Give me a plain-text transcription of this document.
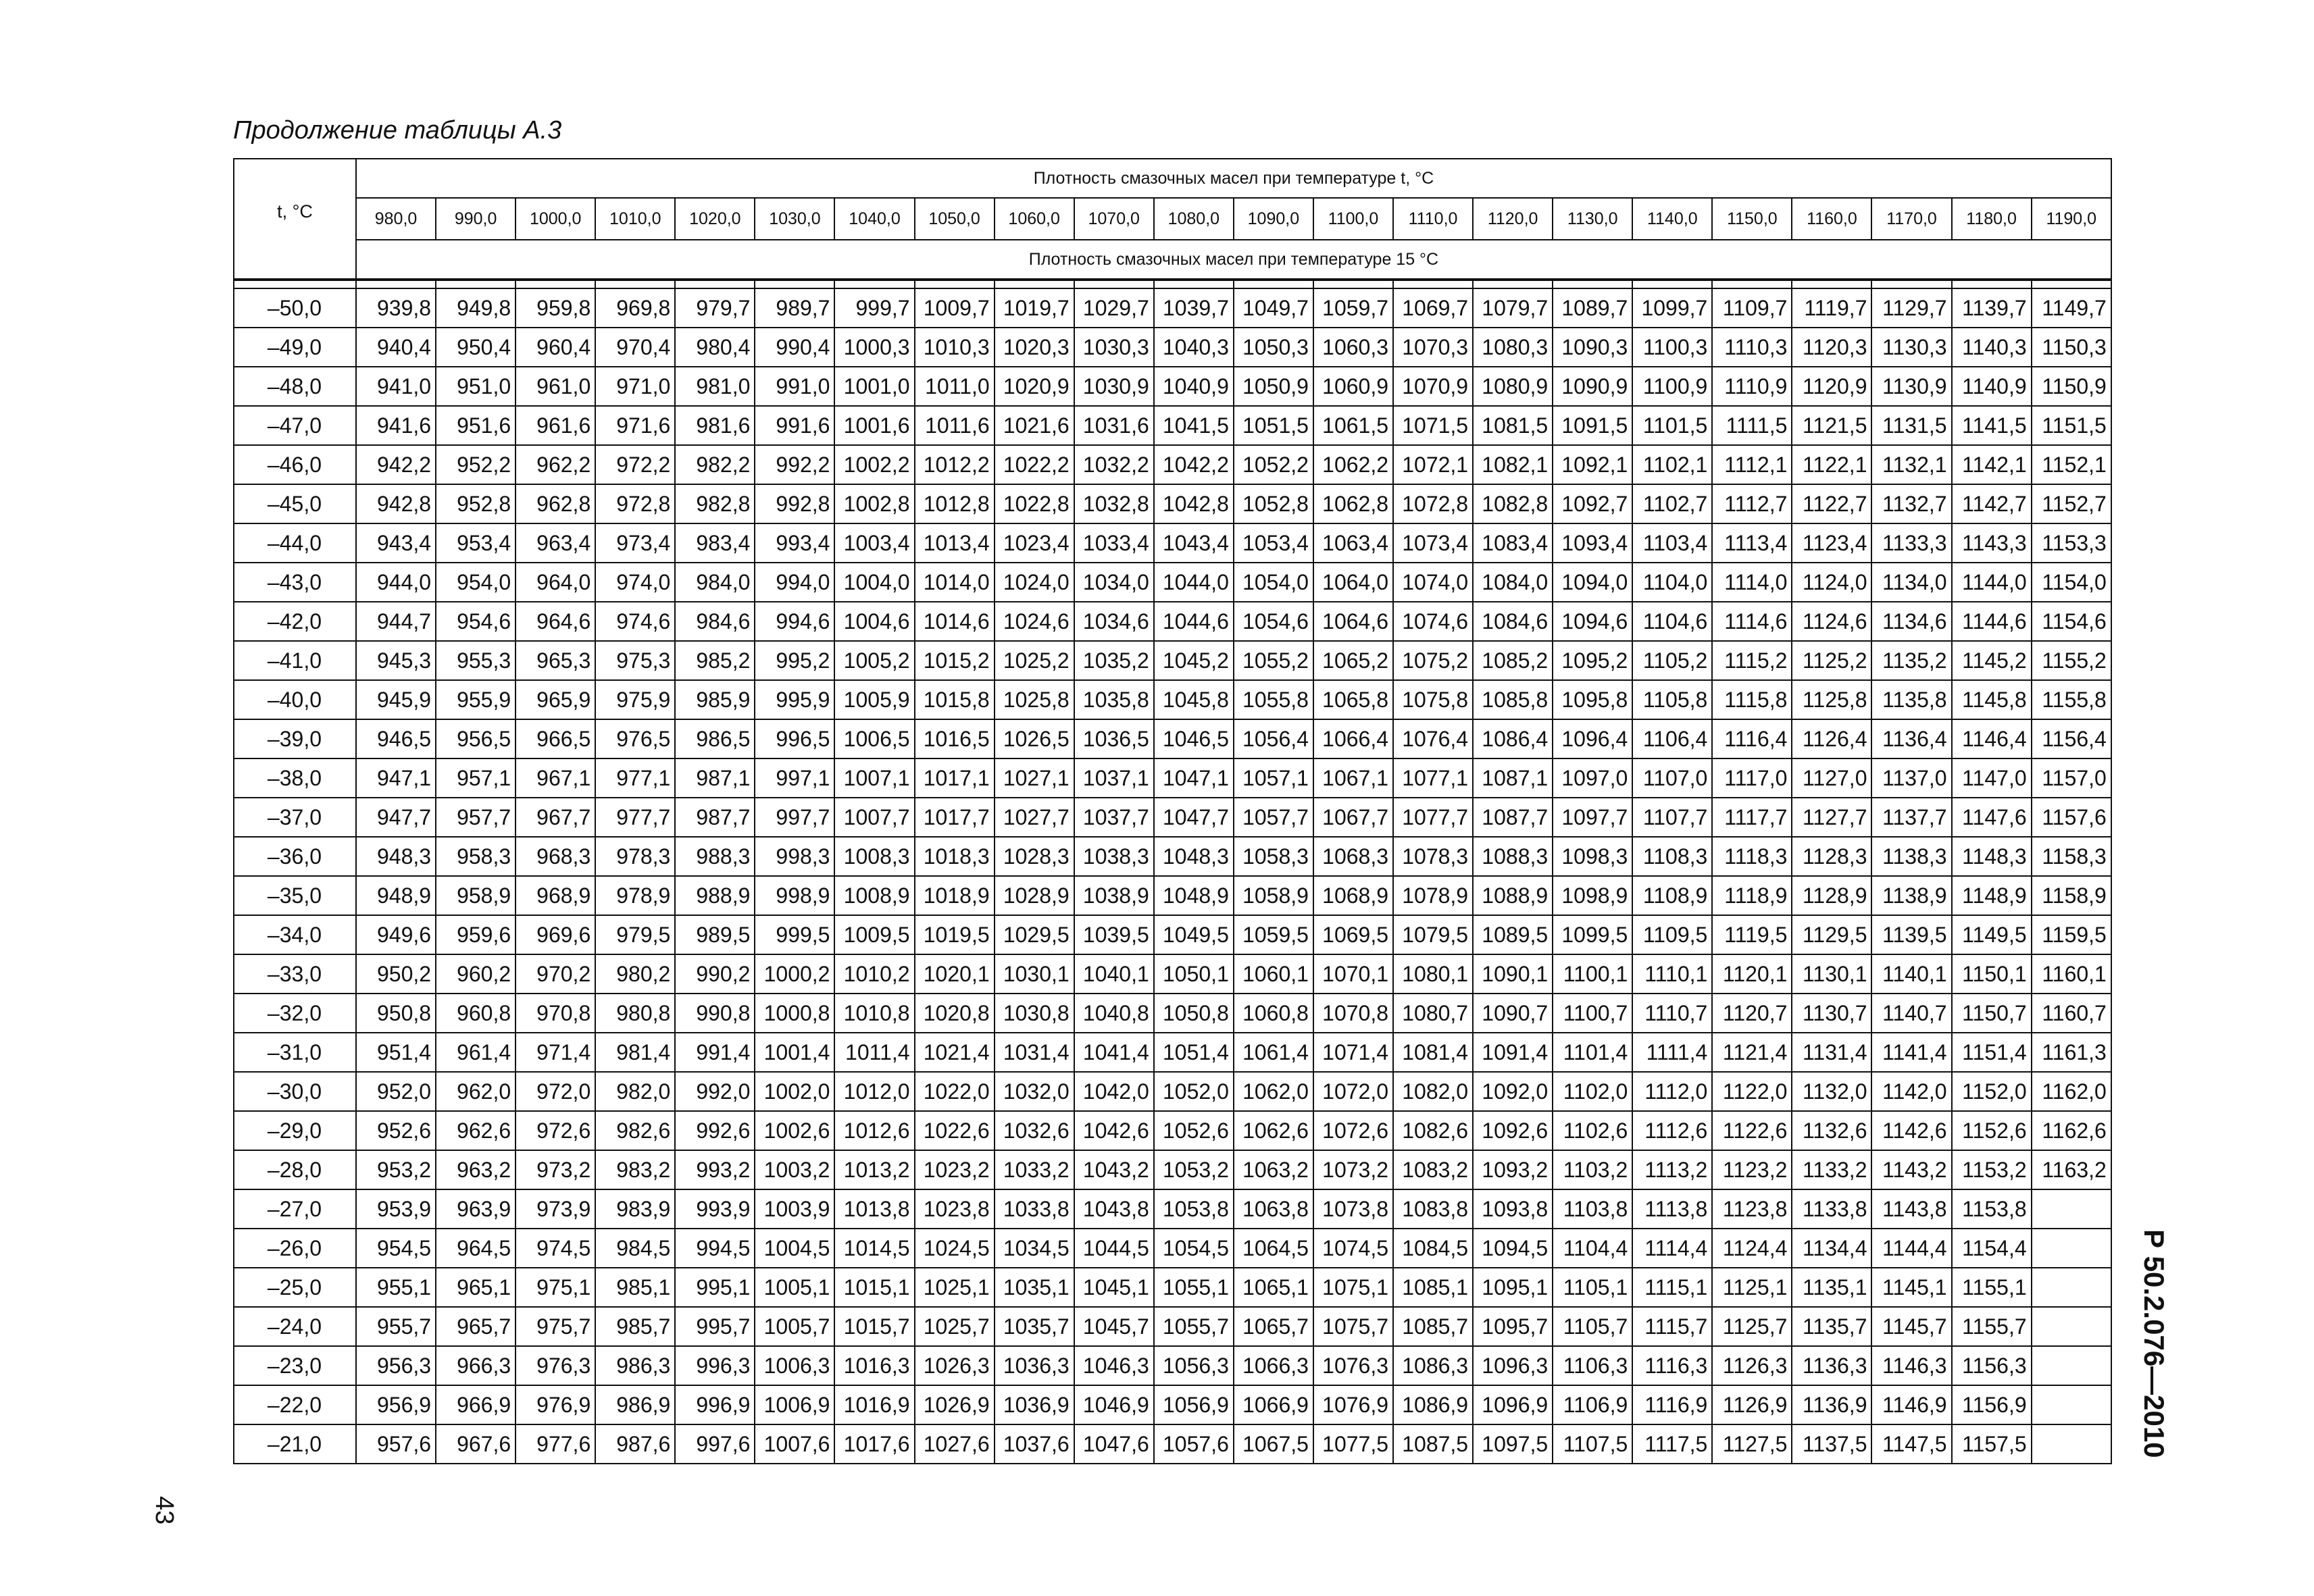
Продолжение таблицы А.3
t, °C	Плотность смазочных масел при температуре t, °C																					
	980,0	990,0	1000,0	1010,0	1020,0	1030,0	1040,0	1050,0	1060,0	1070,0	1080,0	1090,0	1100,0	1110,0	1120,0	1130,0	1140,0	1150,0	1160,0	1170,0	1180,0	1190,0
	Плотность смазочных масел при температуре 15 °C																					

–50,0	939,8	949,8	959,8	969,8	979,7	989,7	999,7	1009,7	1019,7	1029,7	1039,7	1049,7	1059,7	1069,7	1079,7	1089,7	1099,7	1109,7	1119,7	1129,7	1139,7	1149,7
–49,0	940,4	950,4	960,4	970,4	980,4	990,4	1000,3	1010,3	1020,3	1030,3	1040,3	1050,3	1060,3	1070,3	1080,3	1090,3	1100,3	1110,3	1120,3	1130,3	1140,3	1150,3
–48,0	941,0	951,0	961,0	971,0	981,0	991,0	1001,0	1011,0	1020,9	1030,9	1040,9	1050,9	1060,9	1070,9	1080,9	1090,9	1100,9	1110,9	1120,9	1130,9	1140,9	1150,9
–47,0	941,6	951,6	961,6	971,6	981,6	991,6	1001,6	1011,6	1021,6	1031,6	1041,5	1051,5	1061,5	1071,5	1081,5	1091,5	1101,5	1111,5	1121,5	1131,5	1141,5	1151,5
–46,0	942,2	952,2	962,2	972,2	982,2	992,2	1002,2	1012,2	1022,2	1032,2	1042,2	1052,2	1062,2	1072,1	1082,1	1092,1	1102,1	1112,1	1122,1	1132,1	1142,1	1152,1
–45,0	942,8	952,8	962,8	972,8	982,8	992,8	1002,8	1012,8	1022,8	1032,8	1042,8	1052,8	1062,8	1072,8	1082,8	1092,7	1102,7	1112,7	1122,7	1132,7	1142,7	1152,7
–44,0	943,4	953,4	963,4	973,4	983,4	993,4	1003,4	1013,4	1023,4	1033,4	1043,4	1053,4	1063,4	1073,4	1083,4	1093,4	1103,4	1113,4	1123,4	1133,3	1143,3	1153,3
–43,0	944,0	954,0	964,0	974,0	984,0	994,0	1004,0	1014,0	1024,0	1034,0	1044,0	1054,0	1064,0	1074,0	1084,0	1094,0	1104,0	1114,0	1124,0	1134,0	1144,0	1154,0
–42,0	944,7	954,6	964,6	974,6	984,6	994,6	1004,6	1014,6	1024,6	1034,6	1044,6	1054,6	1064,6	1074,6	1084,6	1094,6	1104,6	1114,6	1124,6	1134,6	1144,6	1154,6
–41,0	945,3	955,3	965,3	975,3	985,2	995,2	1005,2	1015,2	1025,2	1035,2	1045,2	1055,2	1065,2	1075,2	1085,2	1095,2	1105,2	1115,2	1125,2	1135,2	1145,2	1155,2
–40,0	945,9	955,9	965,9	975,9	985,9	995,9	1005,9	1015,8	1025,8	1035,8	1045,8	1055,8	1065,8	1075,8	1085,8	1095,8	1105,8	1115,8	1125,8	1135,8	1145,8	1155,8
–39,0	946,5	956,5	966,5	976,5	986,5	996,5	1006,5	1016,5	1026,5	1036,5	1046,5	1056,4	1066,4	1076,4	1086,4	1096,4	1106,4	1116,4	1126,4	1136,4	1146,4	1156,4
–38,0	947,1	957,1	967,1	977,1	987,1	997,1	1007,1	1017,1	1027,1	1037,1	1047,1	1057,1	1067,1	1077,1	1087,1	1097,0	1107,0	1117,0	1127,0	1137,0	1147,0	1157,0
–37,0	947,7	957,7	967,7	977,7	987,7	997,7	1007,7	1017,7	1027,7	1037,7	1047,7	1057,7	1067,7	1077,7	1087,7	1097,7	1107,7	1117,7	1127,7	1137,7	1147,6	1157,6
–36,0	948,3	958,3	968,3	978,3	988,3	998,3	1008,3	1018,3	1028,3	1038,3	1048,3	1058,3	1068,3	1078,3	1088,3	1098,3	1108,3	1118,3	1128,3	1138,3	1148,3	1158,3
–35,0	948,9	958,9	968,9	978,9	988,9	998,9	1008,9	1018,9	1028,9	1038,9	1048,9	1058,9	1068,9	1078,9	1088,9	1098,9	1108,9	1118,9	1128,9	1138,9	1148,9	1158,9
–34,0	949,6	959,6	969,6	979,5	989,5	999,5	1009,5	1019,5	1029,5	1039,5	1049,5	1059,5	1069,5	1079,5	1089,5	1099,5	1109,5	1119,5	1129,5	1139,5	1149,5	1159,5
–33,0	950,2	960,2	970,2	980,2	990,2	1000,2	1010,2	1020,1	1030,1	1040,1	1050,1	1060,1	1070,1	1080,1	1090,1	1100,1	1110,1	1120,1	1130,1	1140,1	1150,1	1160,1
–32,0	950,8	960,8	970,8	980,8	990,8	1000,8	1010,8	1020,8	1030,8	1040,8	1050,8	1060,8	1070,8	1080,7	1090,7	1100,7	1110,7	1120,7	1130,7	1140,7	1150,7	1160,7
–31,0	951,4	961,4	971,4	981,4	991,4	1001,4	1011,4	1021,4	1031,4	1041,4	1051,4	1061,4	1071,4	1081,4	1091,4	1101,4	1111,4	1121,4	1131,4	1141,4	1151,4	1161,3
–30,0	952,0	962,0	972,0	982,0	992,0	1002,0	1012,0	1022,0	1032,0	1042,0	1052,0	1062,0	1072,0	1082,0	1092,0	1102,0	1112,0	1122,0	1132,0	1142,0	1152,0	1162,0
–29,0	952,6	962,6	972,6	982,6	992,6	1002,6	1012,6	1022,6	1032,6	1042,6	1052,6	1062,6	1072,6	1082,6	1092,6	1102,6	1112,6	1122,6	1132,6	1142,6	1152,6	1162,6
–28,0	953,2	963,2	973,2	983,2	993,2	1003,2	1013,2	1023,2	1033,2	1043,2	1053,2	1063,2	1073,2	1083,2	1093,2	1103,2	1113,2	1123,2	1133,2	1143,2	1153,2	1163,2
–27,0	953,9	963,9	973,9	983,9	993,9	1003,9	1013,8	1023,8	1033,8	1043,8	1053,8	1063,8	1073,8	1083,8	1093,8	1103,8	1113,8	1123,8	1133,8	1143,8	1153,8	
–26,0	954,5	964,5	974,5	984,5	994,5	1004,5	1014,5	1024,5	1034,5	1044,5	1054,5	1064,5	1074,5	1084,5	1094,5	1104,4	1114,4	1124,4	1134,4	1144,4	1154,4	
–25,0	955,1	965,1	975,1	985,1	995,1	1005,1	1015,1	1025,1	1035,1	1045,1	1055,1	1065,1	1075,1	1085,1	1095,1	1105,1	1115,1	1125,1	1135,1	1145,1	1155,1	
–24,0	955,7	965,7	975,7	985,7	995,7	1005,7	1015,7	1025,7	1035,7	1045,7	1055,7	1065,7	1075,7	1085,7	1095,7	1105,7	1115,7	1125,7	1135,7	1145,7	1155,7	
–23,0	956,3	966,3	976,3	986,3	996,3	1006,3	1016,3	1026,3	1036,3	1046,3	1056,3	1066,3	1076,3	1086,3	1096,3	1106,3	1116,3	1126,3	1136,3	1146,3	1156,3	
–22,0	956,9	966,9	976,9	986,9	996,9	1006,9	1016,9	1026,9	1036,9	1046,9	1056,9	1066,9	1076,9	1086,9	1096,9	1106,9	1116,9	1126,9	1136,9	1146,9	1156,9	
–21,0	957,6	967,6	977,6	987,6	997,6	1007,6	1017,6	1027,6	1037,6	1047,6	1057,6	1067,5	1077,5	1087,5	1097,5	1107,5	1117,5	1127,5	1137,5	1147,5	1157,5		Р 50.2.076—2010
43
